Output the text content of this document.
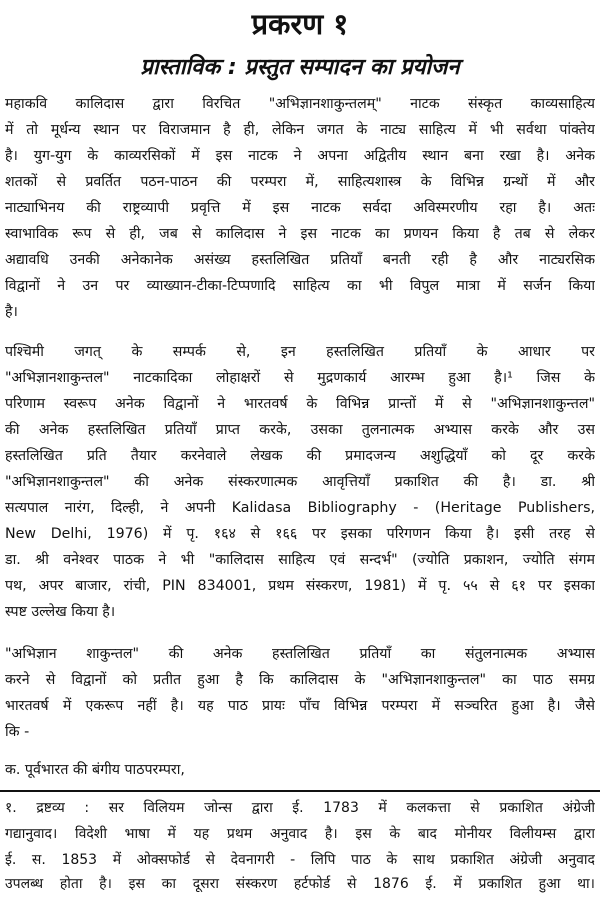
प्रकरण १
प्रास्ताविक : प्रस्तुत सम्पादन का प्रयोजन
महाकवि कालिदास द्वारा विरचित "अभिज्ञानशाकुन्तलम्" नाटक संस्कृत काव्यसाहित्य
में तो मूर्धन्य स्थान पर विराजमान है ही, लेकिन जगत के नाट्य साहित्य में भी सर्वथा पांक्तेय
है। युग-युग के काव्यरसिकों में इस नाटक ने अपना अद्वितीय स्थान बना रखा है। अनेक
शतकों से प्रवर्तित पठन-पाठन की परम्परा में, साहित्यशास्त्र के विभिन्न ग्रन्थों में और
नाट्याभिनय की राष्ट्रव्यापी प्रवृत्ति में इस नाटक सर्वदा अविस्मरणीय रहा है। अतः
स्वाभाविक रूप से ही, जब से कालिदास ने इस नाटक का प्रणयन किया है तब से लेकर
अद्यावधि उनकी अनेकानेक असंख्य हस्तलिखित प्रतियाँ बनती रही है और नाट्यरसिक
विद्वानों ने उन पर व्याख्यान-टीका-टिप्पणादि साहित्य का भी विपुल मात्रा में सर्जन किया
है।
पश्चिमी जगत् के सम्पर्क से, इन हस्तलिखित प्रतियाँ के आधार पर
"अभिज्ञानशाकुन्तल" नाटकादिका लोहाक्षरों से मुद्रणकार्य आरम्भ हुआ है।¹ जिस के
परिणाम स्वरूप अनेक विद्वानों ने भारतवर्ष के विभिन्न प्रान्तों में से "अभिज्ञानशाकुन्तल"
की अनेक हस्तलिखित प्रतियाँ प्राप्त करके, उसका तुलनात्मक अभ्यास करके और उस
हस्तलिखित प्रति तैयार करनेवाले लेखक की प्रमादजन्य अशुद्धियाँ को दूर करके
"अभिज्ञानशाकुन्तल" की अनेक संस्करणात्मक आवृत्तियाँ प्रकाशित की है। डा. श्री
सत्यपाल नारंग, दिल्ही, ने अपनी Kalidasa Bibliography - (Heritage Publishers,
New Delhi, 1976) में पृ. १६४ से १६६ पर इसका परिगणन किया है। इसी तरह से
डा. श्री वनेश्वर पाठक ने भी "कालिदास साहित्य एवं सन्दर्भ" (ज्योति प्रकाशन, ज्योति संगम
पथ, अपर बाजार, रांची, PIN 834001, प्रथम संस्करण, 1981) में पृ. ५५ से ६१ पर इसका
स्पष्ट उल्लेख किया है।
"अभिज्ञान शाकुन्तल" की अनेक हस्तलिखित प्रतियाँ का संतुलनात्मक अभ्यास
करने से विद्वानों को प्रतीत हुआ है कि कालिदास के "अभिज्ञानशाकुन्तल" का पाठ समग्र
भारतवर्ष में एकरूप नहीं है। यह पाठ प्रायः पाँच विभिन्न परम्परा में सञ्चरित हुआ है। जैसे
कि -
क. पूर्वभारत की बंगीय पाठपरम्परा,
१. द्रष्टव्य : सर विलियम जोन्स द्वारा ई. 1783 में कलकत्ता से प्रकाशित अंग्रेजी
गद्यानुवाद। विदेशी भाषा में यह प्रथम अनुवाद है। इस के बाद मोनीयर विलीयम्स द्वारा
ई. स. 1853 में ओक्सफोर्ड से देवनागरी - लिपि पाठ के साथ प्रकाशित अंग्रेजी अनुवाद
उपलब्ध होता है। इस का दूसरा संस्करण हर्टफोर्ड से 1876 ई. में प्रकाशित हुआ था।
